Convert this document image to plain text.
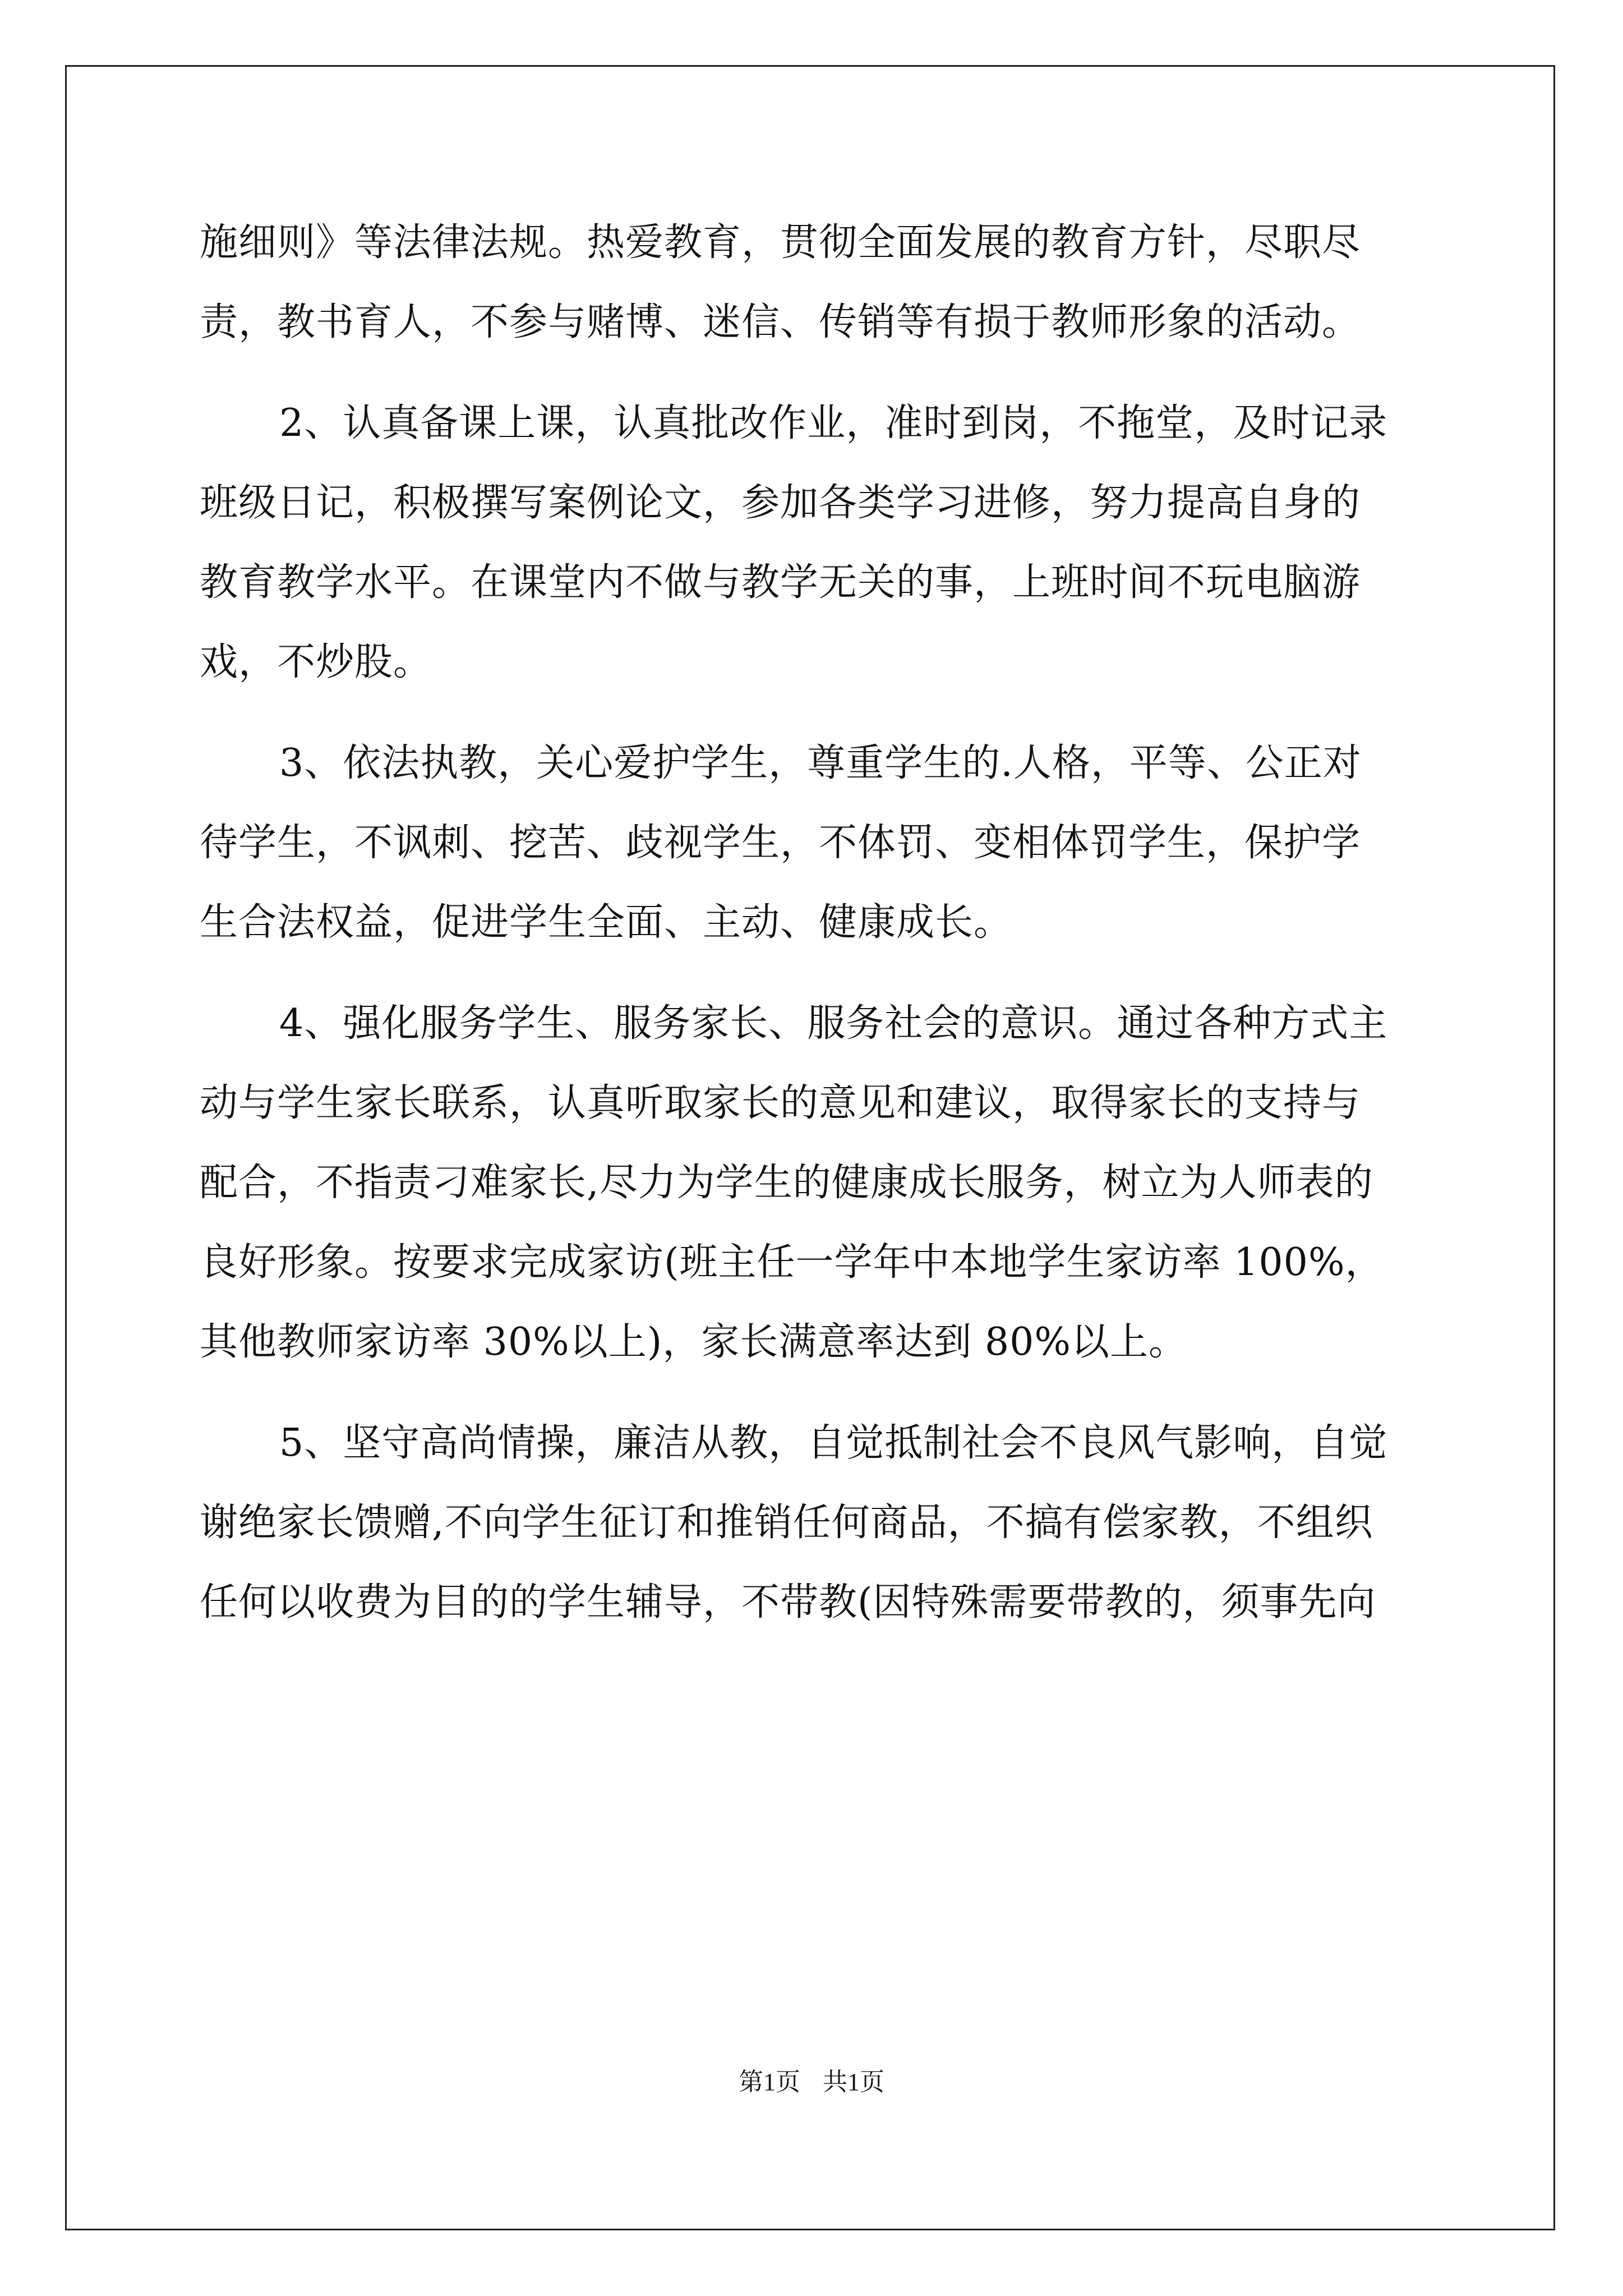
施细则》等法律法规。热爱教育，贯彻全面发展的教育方针，尽职尽
责，教书育人，不参与赌博、迷信、传销等有损于教师形象的活动。
2、认真备课上课，认真批改作业，准时到岗，不拖堂，及时记录
班级日记，积极撰写案例论文，参加各类学习进修，努力提高自身的
教育教学水平。在课堂内不做与教学无关的事，上班时间不玩电脑游
戏，不炒股。
3、依法执教，关心爱护学生，尊重学生的.人格，平等、公正对
待学生，不讽刺、挖苦、歧视学生，不体罚、变相体罚学生，保护学
生合法权益，促进学生全面、主动、健康成长。
4、强化服务学生、服务家长、服务社会的意识。通过各种方式主
动与学生家长联系，认真听取家长的意见和建议，取得家长的支持与
配合，不指责刁难家长,尽力为学生的健康成长服务，树立为人师表的
良好形象。按要求完成家访(班主任一学年中本地学生家访率 100%，
其他教师家访率 30%以上)，家长满意率达到 80%以上。
5、坚守高尚情操，廉洁从教，自觉抵制社会不良风气影响，自觉
谢绝家长馈赠,不向学生征订和推销任何商品，不搞有偿家教，不组织
任何以收费为目的的学生辅导，不带教(因特殊需要带教的，须事先向
第1页 共1页
